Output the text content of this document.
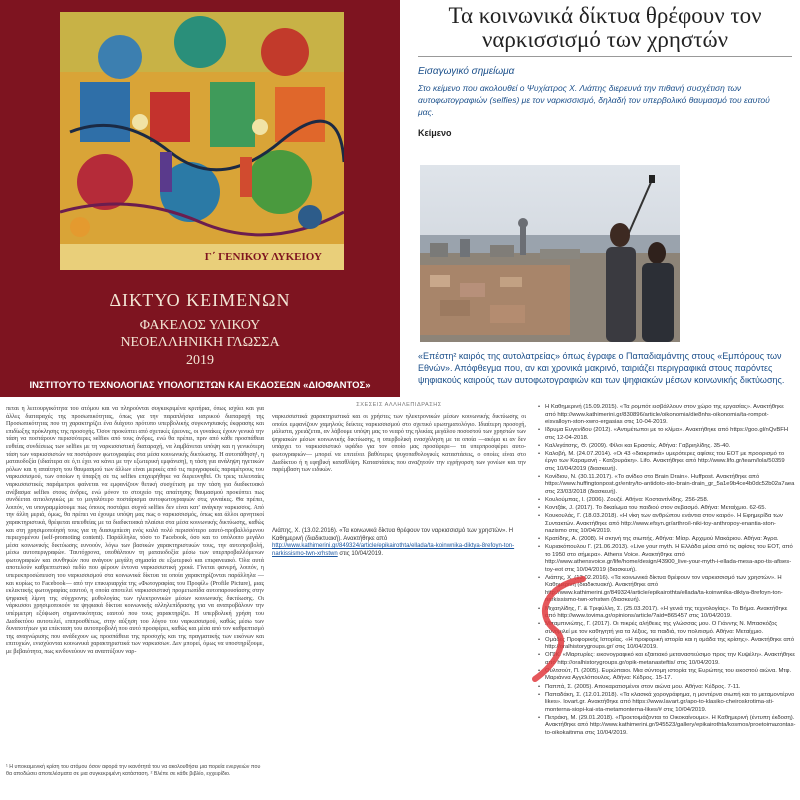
Γ΄ ΓΕΝΙΚΟΥ ΛΥΚΕΙΟΥ
ΔΙΚΤΥΟ ΚΕΙΜΕΝΩΝ
ΦΑΚΕΛΟΣ ΥΛΙΚΟΥ
ΝΕΟΕΛΛΗΝΙΚΗ ΓΛΩΣΣΑ
2019
ΙΝΣΤΙΤΟΥΤΟ ΤΕΧΝΟΛΟΓΙΑΣ ΥΠΟΛΟΓΙΣΤΩΝ ΚΑΙ ΕΚΔΟΣΕΩΝ «ΔΙΟΦΑΝΤΟΣ»
Τα κοινωνικά δίκτυα θρέφουν τον ναρκισσισμό των χρηστών
Εισαγωγικό σημείωμα
Στο κείμενο που ακολουθεί ο Ψυχίατρος Χ. Λιάπης διερευνά την πιθανή συσχέτιση των αυτοφωτογραφιών (selfies) με τον ναρκισσισμό, δηλαδή τον υπερβολικό θαυμασμό του εαυτού μας.
Κείμενο
«Επέστη² καιρός της αυτολατρείας» όπως έγραφε ο Παπαδιαμάντης στους «Εμπόρους των Εθνών». Απόφθεγμα που, αν και χρονικά μακρινό, ταιριάζει περιγραφικά στους παρόντες ψηφιακούς καιρούς των αυτοφωτογραφιών και των ψηφιακών μέσων κοινωνικής δικτύωσης.

πεται η λειτουργικότητα του ατόμου και να πληρούνται συγκεκριμένα κριτήρια, όπως ισχύει και για άλλες διαταραχές της προσωπικότητας, όπως για την παραπλήσια ιατρικού διαταραχή της Προσωπικότητας που τη χαρακτηρίζει ένα διάχυτο πρότυπο υπερβολικής συγκινησιακής έκφρασης και επιδίωξης πρόκλησης της προσοχής. Όσον προκύπτει από σχετικές έρευνες, οι γυναίκες έχουν γενικά την τάση να ποστάρουν περισσότερες selfies από τους άνδρες, ενώ θα πρέπει, πριν από κάθε προσπάθεια ευθείας συνδέσεως των selfies με τη ναρκισσιστική διαταραχή, να λαμβάνεται υπόψη και η γενικότερη τάση των ναρκισσιστών να ποστάρουν φωτογραφίες στα μέσα κοινωνικής δικτύωσης. Η αυτοπάθηση¹, η ματαιοδοξία (ιδιαίτερα σε ό,τι έχει να κάνει με την εξωτερική εμφάνιση), η τάση για ανάληψη ηγετικών ρόλων και η απαίτηση του θαυμασμού των άλλων είναι μερικές από τις περιγραφικές παραμέτρους του ναρκισσισμού, των οποίων η ύπαρξη σε τις selfies επιχειρήθηκε να διερευνηθεί. Οι τρεις τελευταίες ναρκισσιστικές παράμετροι φαίνεται να εμφανίζουν θετική συσχέτιση με την τάση για διαδικτυακό ανέβασμα selfies στους άνδρες, ενώ μόνον το στοιχείο της απαίτησης θαυμασμού προκύπτει πως συνδέεται αιτιολογικώς με το μεγαλύτερο ποστάρισμα αυτοφωτογραφιών στις γυναίκες. Θα πρέπει, λοιπόν, να υπογραμμίσουμε πως όποιος ποστάρει συχνά selfies δεν είναι κατ' ανάγκην ναρκισσος. Από την άλλη μεριά, όμως, θα πρέπει να έχουμε υπόψη μας πως ο ναρκισσισμός, όπως και άλλοι αρνητικοί χαρακτηριστικά, θρέφεται απευθείας με τα διαδικτυακά πλαίσια στα μέσα κοινωνικής δικτύωσης, καθώς και στη χρησιμοποίησή τους για τη διασυμπίεση ενός καλά πολύ περισσότερο εαυτό-προβαλλόμενου περιεχομένου (self-promoting content). Παράλληλα, τόσο το Facebook, όσο και το υπόλοιπο μεγάλο μέσα κοινωνικής δικτύωσης ευνοούν, λόγω των βασικών χαρακτηριστικών τους, την αυτοπροβολή, μέσω αυτοπεριγραφών. Ταυτόχρονα, υποθάλπουν τη ματαιοδοξία μέσω των υπερπροβαλλόμενων φωτογραφιών και συνθηκών που ανάγουν μεγάλη σημασία σε εξωτερικό και επιφανειακό. Όλα αυτά αποτελούν καθρεπτιστικό πεδίο που φέρουν έντονα ναρκισσιστική χροιά. Γίνεται φανερή, λοιπόν, η υπερεκπροσώπευση του ναρκισσισμού στα κοινωνικά δίκτυα τα οποία χαρακτηρίζονται παράλληλα —και κυρίως το Facebook— από την επικυριαρχία της «Φωτογραφίας του Προφίλ» (Profile Picture), μιας εκλεκτικής φωτογραφίας εαυτού, η οποία αποτελεί ναρκισσιστική προμετωπίδα αυτοπαρουσίασης στην ψηφιακή λίμνη της σύγχρονης μυθολογίας των ηλεκτρονικών μέσων κοινωνικής δικτύωσης. Οι νάρκισσοι χρησιμοποιούν τα ψηφιακά δίκτυα κοινωνικής αλληλεπίδρασης για να αναπροβάλουν την υπέρμετρη εξύψωση σημαντικότητας εαυτού που τους χαρακτηρίζει. Η υπερβολική χρήση του Διαδικτύου αυτοτελεί, επιπροσθέτως, στην αύξηση του λόγου του ναρκισσισμού, καθώς μέσω των δυνατοτήτων για επέκταση του αυτοπροβολή που αυτό προσφέρει, καθώς και μέσα από τον καθρεπτισμό της αναγνώρισης που ανάδεχουν ως προσπάθεια της προσοχής και της πραγματικής των εικόνων και επιτυχιών, ενισχύονται κοινωνικά χαρακτηριστικά των ναρκισσων. Δεν μπορεί, όμως να υποστηρίξουμε, με βεβαιότητα, πως κινδυνεύουν να αναπτύξουν ναρ-

¹ Η υποκειμενική κρίση του ατόμου όσον αφορά την ικανότητά του να ακολουθήσει μια πορεία ενεργειών που θα αποδώσει αποτελέσματα σε μια συγκεκριμένη κατάσταση. ² Βλέπε σε κάθε βιβλίο, εγχειρίδιο.
ΣΧΕΣΕΙΣ ΑΛΛΗΛΕΠΙΔΡΑΣΗΣ

ναρκισσιστικά χαρακτηριστικά και οι χρήστες των ηλεκτρονικών μέσων κοινωνικής δικτύωσης οι οποίοι εμφανίζουν χαμηλούς δείκτες ναρκισσισμού στο σχετικό ερωτηματολόγιο. Ιδιαίτερη προσοχή, μάλιστα, χρειάζεται, αν λάβουμε υπόψη μας το νεαρό της ηλικίας μεγάλου ποσοστού των χρηστών των ψηφιακών μέσων κοινωνικής δικτύωσης, η υπερβολική ενασχόληση με τα οποία —ακόμα κι αν δεν υπάρχει το ναρκισσιστικό υφάδιο για τον οποίο μας προσέφερε— τα υπερπροσφέρει αυτο-φωτογραφιών— μπορεί να επιτείνει βαθύτερες ψυχοπαθολογικές καταστάσεις, ο οποίες είναι στο Διαδίκτυο ή η εφηβική καταθλίψη. Καταστάσεις που αναζητούν την εγρήγορση των γονέων και την παρέμβαση των ειδικών.

Λιάπης, Χ. (13.02.2016). «Τα κοινωνικά δίκτυα θρέφουν τον ναρκισσισμό των χρηστών». Η Καθημερινή (διαδικτυακή). Ανακτήθηκε από http://www.kathimerini.gr/849324/article/epikairothta/ellada/ta-koinwnika-diktya-8refoyn-ton-narkissismo-twn-xrhstwn στις 10/04/2019.
• Η Καθημερινή (15.09.2015). «Τα ρομπότ εισβάλλουν στον χώρο της εργασίας». Ανακτήθηκε από http://www.kathimerini.gr/830896/article/oikonomia/die8nhs-oikonomia/ta-rompot-eisvalloyn-ston-xwro-ergasias στις 10-04-2019.
• Ιδρυμα Ευγενίδου (2012). «Αντιμέτωποι με το κλίμα». Ανακτήθηκε από https://goo.gl/nQvBFH στις 12-04-2018.
• Καλλιγάτσης, Θ. (2009). Φίλοι και Εραστές. Αθήνα: Γαβριηλίδης. 35-40.
• Καλοβή, Μ. (24.07.2014). «Οι 43 «διακριτικά» υμερότερες αφίσες του ΕΟΤ με προορισμό το έργο των Καραμανή - Κατζουράκη». Lifo. Ανακτήθηκε από http://www.lifo.gr/team/lola/50359 στις 10/04/2019 (διασκευή).
• Κονίδιου, Ν. (30.11.2017). «Το ανίδεο στο Brain Drain». Huffpost. Ανακτήθηκε από https://www.huffingtonpost.gr/entry/to-antidoto-sto-brain-drain_gr_5a1e9b4ce4b0dc52b02a7aea στις 23/03/2018 (διασκευή).
• Κουλούμπας, Ι. (2006). Ζουζέ. Αθήνα: Κοσταντίνίδης. 256-258.
• Κοντζάκ, J. (2017). Το δικαίωμα του παιδιού στον σεβασμό. Αθήνα: Μεταίχμιο. 62-65.
• Κουκουλάς, Γ. (18.03.2018). «Η νίκη των ανθρώπου ενάντια στον καιρό». Η Εφημερίδα των Συντακτών. Ανακτήθηκε από http://www.efsyn.gr/arthro/i-niki-toy-anthropoy-enantia-ston-nazismo στις 10/04/2019.
• Κρατίδης, Α. (2008). Η σκηνή της σιωπής. Αθήνα: Μίσρ. Αρχιμού Μακάριου. Αθήνα: Άγρα.
• Κυριακόπουλου Γ. (21.06.2013). «Live your myth. Η Ελλάδα μέσα από τις αφίσες του ΕΟΤ, από το 1950 στο σήμερα». Athens Voice. Ανακτήθηκε από http://www.athensvoice.gr/life/home/design/43900_live-your-myth-i-ellada-mesa-apo-tis-afises-toy-eot στις 10/04/2019 (διασκευή).
• Λιάπης, Χ. (13.02.2016). «Τα κοινωνικά δίκτυα θρέφουν τον ναρκισσισμό των χρηστών». Η Καθημερινή (διαδικτυακή). Ανακτήθηκε από http://www.kathimerini.gr/849324/article/epikairothta/ellada/ta-koinwnika-diktya-8refoyn-ton-narkissismo-twn-xrhstwn (διασκευή).
• Μιχαηλίδης, Γ. & Τριφύλλη, Σ. (25.03.2017). «Η γενιά της τεχνολογίας». Το Βήμα. Ανακτήθηκε από http://www.tovima.gr/opinions/article/?aid=865457 στις 10/04/2019.
• Μπαμπινιώτης, Γ. (2017). Οι πικρές αλήθειες της γλώσσας μου. Ο Γιάννης Ν. Μπασκόζος συνομιλεί με τον καθηγητή για τα λέξεις, τα παιδιά, τον πολιτισμό. Αθήνα: Μεταίχμιο.
• Ομάδες Προφορικής Ιστορίας. «Η προφορική ιστορία και η ομάδα της κρίσης». Ανακτήθηκε από http://oralhistorygroups.gr/ στις 10/04/2019.
• ΟΠΙΚ. «Μαρτυρίες: εικονογραφικό και εξαιτιακό μεταναστεύσιμο προς την Κυψέλη». Ανακτήθηκε από http://oralhistorygroups.gr/opik-metanasteftis/ στις 10/04/2019.
• Ουλτσούτ, Π. (2005). Ευρώπαιοι. Μια σύντομη ιστορία της Ευρώπης του εικοστού αιώνα. Μτφ. Μαριάννα Αγγελόπουλος. Αθήνα: Κέδρος. 15-17.
• Παππά, Σ. (2005). Αποκαρατισμένοι στον αιώνα μου. Αθήνα: Κέδρος. 7-11.
• Παπαδάκη, Σ. (12.01.2018). «Τα κλασικά χορογράφημα, η μοντέρνα σιωπή και το μεταμοντέρνο likes». lovart.gr. Ανακτήθηκε από https://www.lavart.gr/apo-to-klasiko-cheiroskrotima-sti-monterna-siopi-kai-sta-metamonterna-likes/# στις 10/04/2019.
• Πετράκη, Μ. (29.01.2018). «Προετοιμάζονται το Οικοκαίνουμε». Η Καθημερινή (έντυπη έκδοση). Ανακτήθηκε από http://www.kathimerini.gr/945523/gallery/epikairothta/kosmos/proetoimazontas-to-oikokaitnma στις 10/04/2019.
